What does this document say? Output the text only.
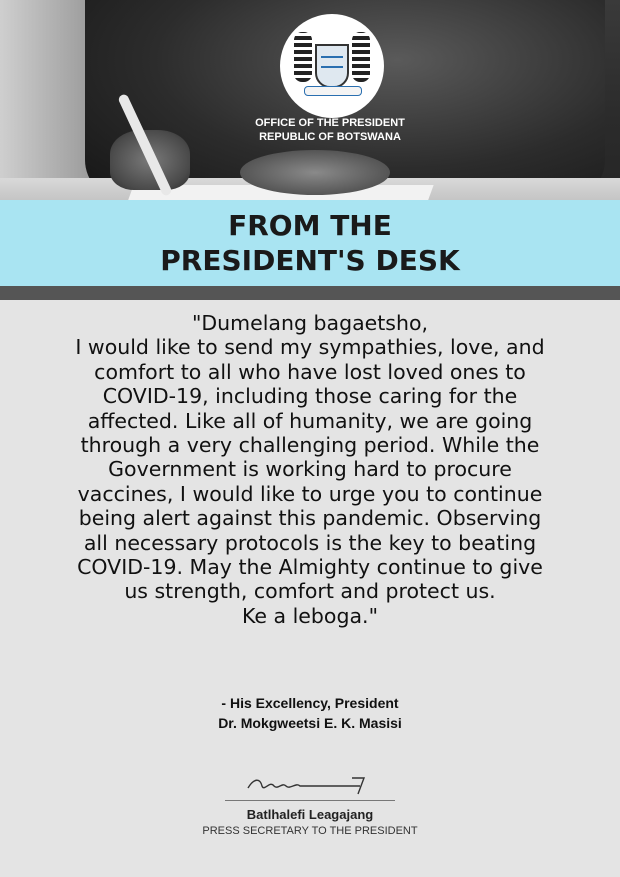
OFFICE OF THE PRESIDENT
REPUBLIC OF BOTSWANA
FROM THE
PRESIDENT'S DESK
"Dumelang bagaetsho,
I would like to send my sympathies, love, and
comfort to all who have lost loved ones to
COVID-19, including those caring for the
affected. Like all of humanity, we are going
through a very challenging period. While the
Government is working hard to procure
vaccines, I would like to urge you to continue
being alert against this pandemic. Observing
all necessary protocols is the key to beating
COVID-19. May the Almighty continue to give
us strength, comfort and protect us.
Ke a leboga."
- His Excellency, President
Dr. Mokgweetsi E. K. Masisi
Batlhalefi Leagajang
PRESS SECRETARY TO THE PRESIDENT
